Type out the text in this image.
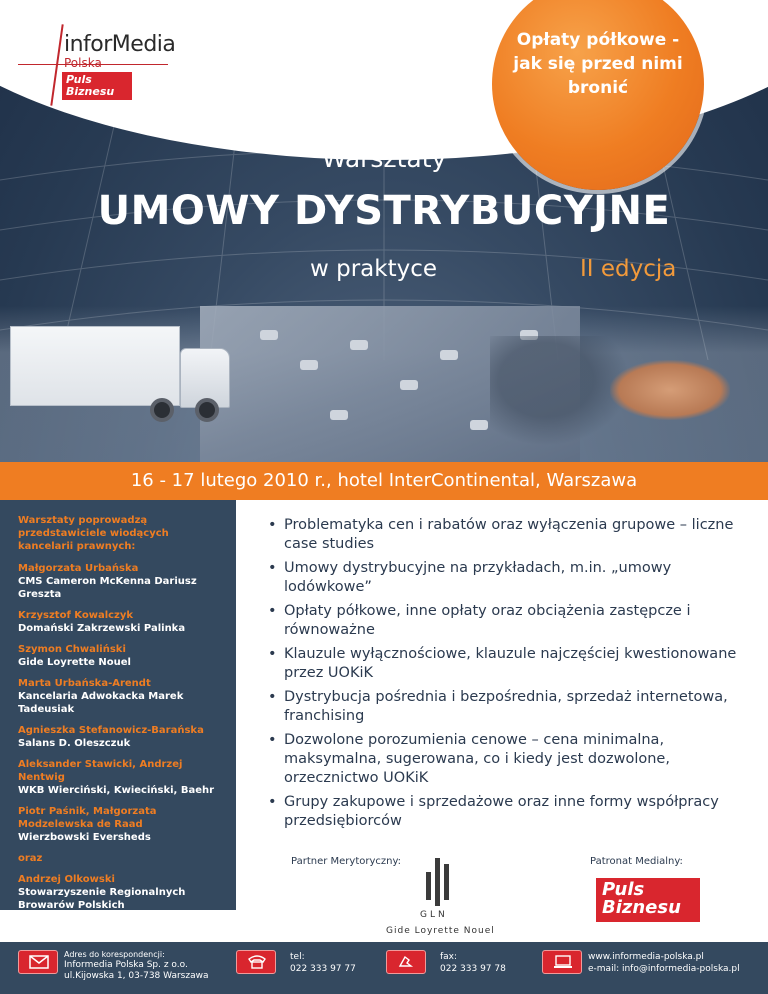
inforMedia
Polska
Puls
Biznesu
Opłaty półkowe - jak się przed nimi bronić
Warsztaty
UMOWY DYSTRYBUCYJNE
w praktyce	II edycja
16 - 17 lutego 2010 r., hotel InterContinental, Warszawa
Warsztaty poprowadzą przedstawiciele wiodących kancelarii prawnych:
Małgorzata Urbańska
CMS Cameron McKenna Dariusz Greszta
Krzysztof Kowalczyk
Domański Zakrzewski Palinka
Szymon Chwaliński
Gide Loyrette Nouel
Marta Urbańska-Arendt
Kancelaria Adwokacka Marek Tadeusiak
Agnieszka Stefanowicz-Barańska
Salans D. Oleszczuk
Aleksander Stawicki, Andrzej Nentwig
WKB Wierciński, Kwieciński, Baehr
Piotr Paśnik, Małgorzata Modzelewska de Raad
Wierzbowski Eversheds
oraz
Andrzej Olkowski
Stowarzyszenie Regionalnych Browarów Polskich
• Problematyka cen i rabatów oraz wyłączenia grupowe – liczne case studies
• Umowy dystrybucyjne na przykładach, m.in. „umowy lodówkowe”
• Opłaty półkowe, inne opłaty oraz obciążenia zastępcze i równoważne
• Klauzule wyłącznościowe, klauzule najczęściej kwestionowane przez UOKiK
• Dystrybucja pośrednia i bezpośrednia, sprzedaż internetowa, franchising
• Dozwolone porozumienia cenowe – cena minimalna, maksymalna, sugerowana, co i kiedy jest dozwolone, orzecznictwo UOKiK
• Grupy zakupowe i sprzedażowe oraz inne formy współpracy przedsiębiorców
Partner Merytoryczny:	Patronat Medialny:
GLN
Gide Loyrette Nouel
Puls
Biznesu
Adres do korespondencji:
Informedia Polska Sp. z o.o.
ul.Kijowska 1, 03-738 Warszawa
tel:
022 333 97 77
fax:
022 333 97 78
www.informedia-polska.pl
e-mail: info@informedia-polska.pl
